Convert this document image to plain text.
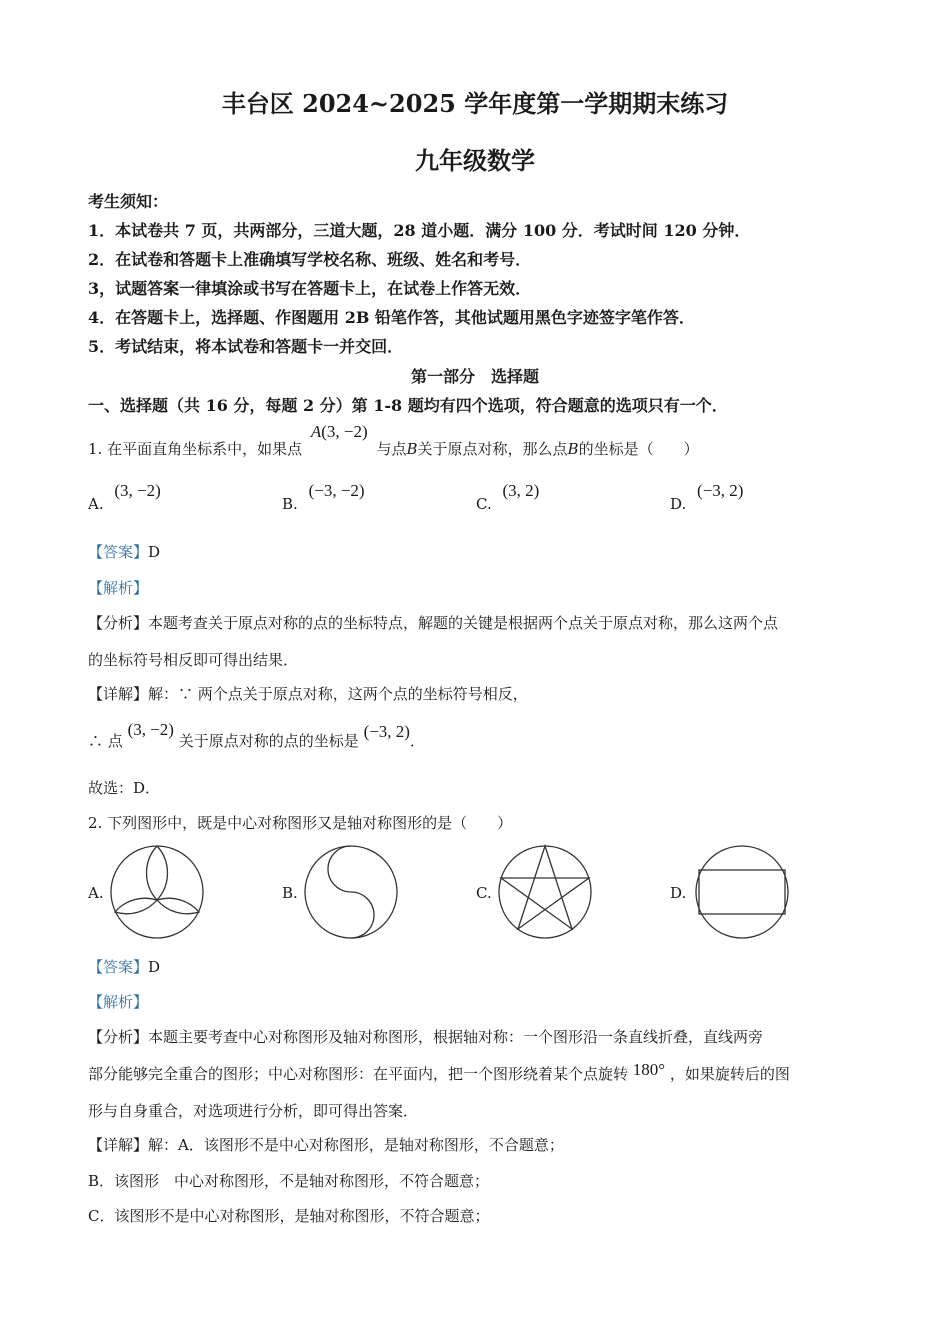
丰台区 2024~2025 学年度第一学期期末练习
九年级数学
考生须知：
1．本试卷共 7 页，共两部分，三道大题，28 道小题．满分 100 分．考试时间 120 分钟．
2．在试卷和答题卡上准确填写学校名称、班级、姓名和考号．
3，试题答案一律填涂或书写在答题卡上，在试卷上作答无效．
4．在答题卡上，选择题、作图题用 2B 铅笔作答，其他试题用黑色字迹签字笔作答．
5．考试结束，将本试卷和答题卡一并交回．
第一部分　选择题
一、选择题（共 16 分，每题 2 分）第 1-8 题均有四个选项，符合题意的选项只有一个．
1. 在平面直角坐标系中，如果点 A(3, −2) 与点B关于原点对称，那么点B的坐标是（　　）
A. (3, −2)
B. (−3, −2)
C. (3, 2)
D. (−3, 2)
【答案】D
【解析】
【分析】本题考查关于原点对称的点的坐标特点，解题的关键是根据两个点关于原点对称，那么这两个点
的坐标符号相反即可得出结果．
【详解】解：∵ 两个点关于原点对称，这两个点的坐标符号相反，
∴ 点 (3, −2) 关于原点对称的点的坐标是 (−3, 2)．
故选：D．
2. 下列图形中，既是中心对称图形又是轴对称图形的是（　　）
A.	B.	C.	D.
【答案】D
【解析】
【分析】本题主要考查中心对称图形及轴对称图形，根据轴对称：一个图形沿一条直线折叠，直线两旁
部分能够完全重合的图形；中心对称图形：在平面内，把一个图形绕着某个点旋转 180° ，如果旋转后的图
形与自身重合，对选项进行分析，即可得出答案．
【详解】解：A．该图形不是中心对称图形，是轴对称图形，不合题意；
B．该图形　中心对称图形，不是轴对称图形，不符合题意；
C．该图形不是中心对称图形，是轴对称图形，不符合题意；
